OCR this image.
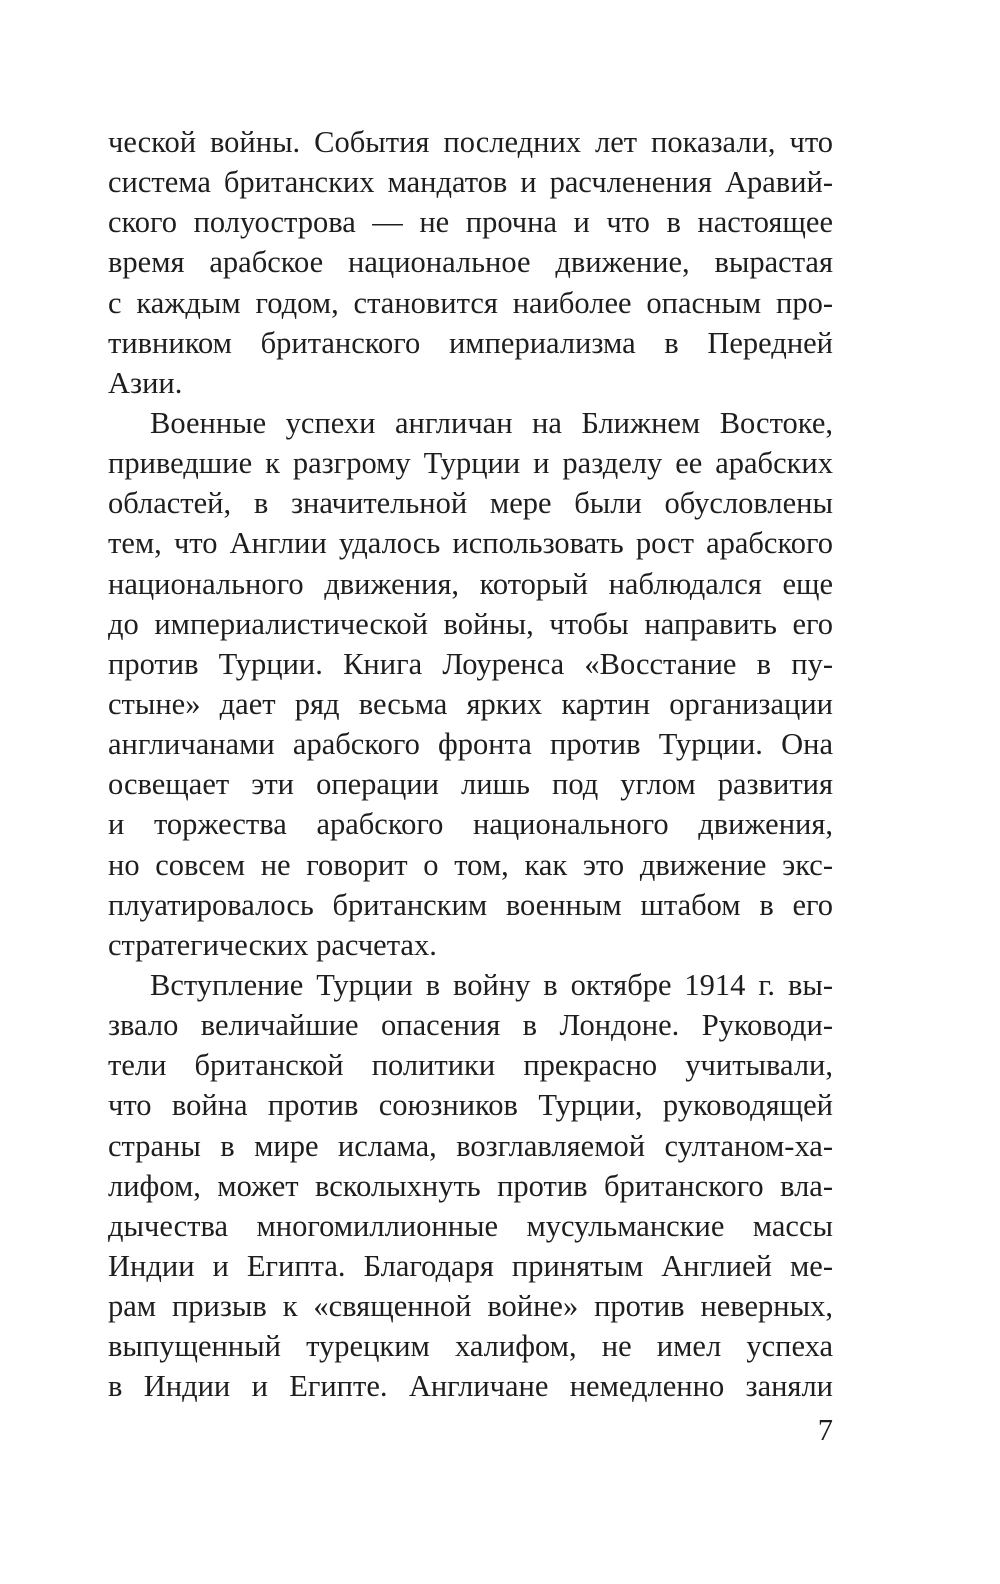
ческой войны. События последних лет показали, что
система британских мандатов и расчленения Аравий-
ского полуострова — не прочна и что в настоящее
время арабское национальное движение, вырастая
с каждым годом, становится наиболее опасным про-
тивником британского империализма в Передней
Азии.
Военные успехи англичан на Ближнем Востоке,
приведшие к разгрому Турции и разделу ее арабских
областей, в значительной мере были обусловлены
тем, что Англии удалось использовать рост арабского
национального движения, который наблюдался еще
до империалистической войны, чтобы направить его
против Турции. Книга Лоуренса «Восстание в пу-
стыне» дает ряд весьма ярких картин организации
англичанами арабского фронта против Турции. Она
освещает эти операции лишь под углом развития
и торжества арабского национального движения,
но совсем не говорит о том, как это движение экс-
плуатировалось британским военным штабом в его
стратегических расчетах.
Вступление Турции в войну в октябре 1914 г. вы-
звало величайшие опасения в Лондоне. Руководи-
тели британской политики прекрасно учитывали,
что война против союзников Турции, руководящей
страны в мире ислама, возглавляемой султаном-ха-
лифом, может всколыхнуть против британского вла-
дычества многомиллионные мусульманские массы
Индии и Египта. Благодаря принятым Англией ме-
рам призыв к «священной войне» против неверных,
выпущенный турецким халифом, не имел успеха
в Индии и Египте. Англичане немедленно заняли
7
